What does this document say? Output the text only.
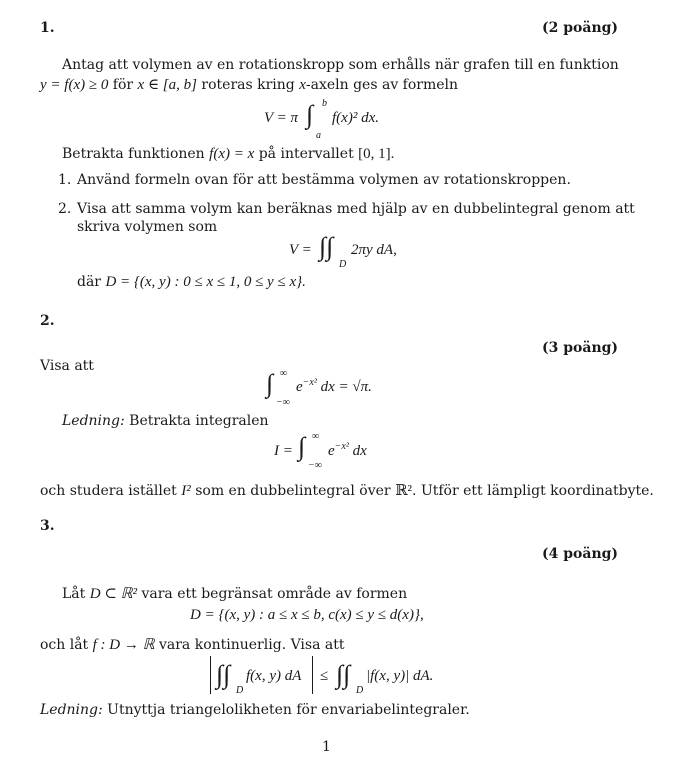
1.	(2 poäng)
Antag att volymen av en rotationskropp som erhålls när grafen till en funktion
y = f(x) ≥ 0 för x ∈ [a, b] roteras kring x-axeln ges av formeln
V = π ∫ b
a
f(x)² dx.
Betrakta funktionen f(x) = x på intervallet [0, 1].
1. Använd formeln ovan för att bestämma volymen av rotationskroppen.
2. Visa att samma volym kan beräknas med hjälp av en dubbelintegral genom att
skriva volymen som
V = ∫∫
D
2πy dA,
där D = {(x, y) : 0 ≤ x ≤ 1, 0 ≤ y ≤ x}.
2.
(3 poäng)
Visa att
∫ ∞
−∞
$e^{-x^2}$ dx = √π.
Ledning: Betrakta integralen
I = ∫ ∞
−∞
$e^{-x^2}$ dx
och studera istället I² som en dubbelintegral över ℝ². Utför ett lämpligt koordinatbyte.
3.
(4 poäng)
Låt D ⊂ ℝ² vara ett begränsat område av formen
D = {(x, y) : a ≤ x ≤ b, c(x) ≤ y ≤ d(x)},
och låt f : D → ℝ vara kontinuerlig. Visa att
∫∫
D
f(x, y) dA ≤ ∫∫
D
|f(x, y)| dA.
Ledning: Utnyttja triangelolikheten för envariabelintegraler.
1
